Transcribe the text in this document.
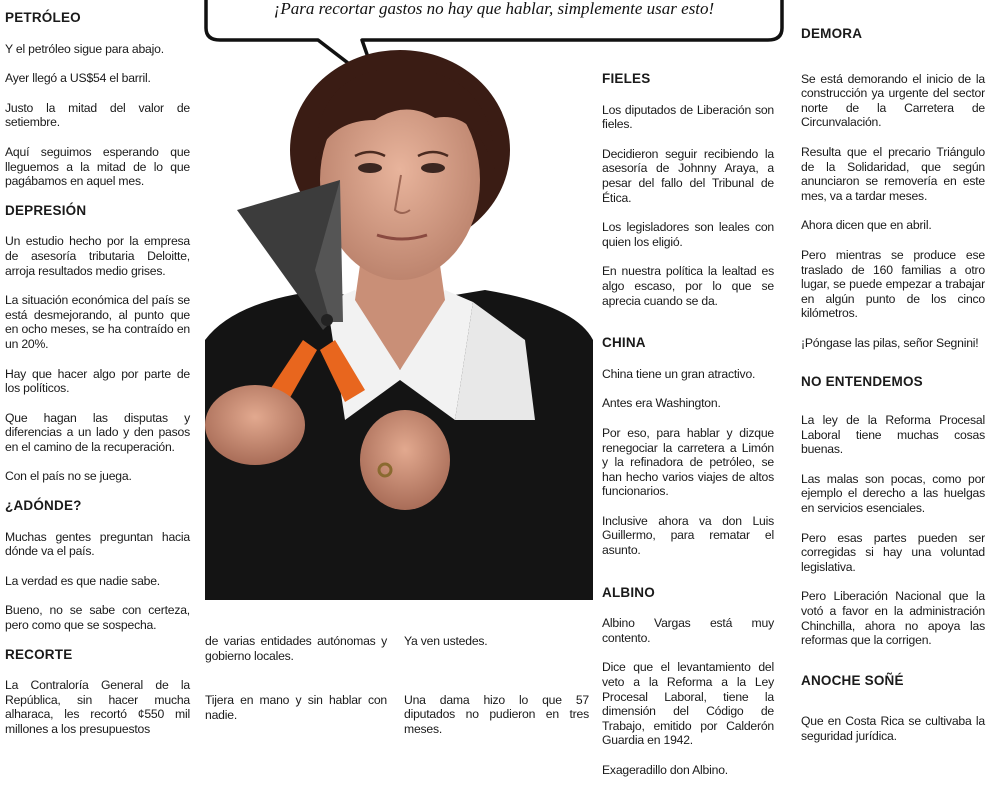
¡Para recortar gastos no hay que hablar, simplemente usar esto!
PETRÓLEO

Y el petróleo sigue para abajo.

Ayer llegó a US$54 el barril.

Justo la mitad del valor de setiembre.

Aquí seguimos esperando que lleguemos a la mitad de lo que pagábamos en aquel mes.

DEPRESIÓN

Un estudio hecho por la empresa de asesoría tributaria Deloitte, arroja resultados medio grises.

La situación económica del país se está desmejorando, al punto que en ocho meses, se ha contraído en un 20%.

Hay que hacer algo por parte de los políticos.

Que hagan las disputas y diferencias a un lado y den pasos en el camino de la recuperación.

Con el país no se juega.

¿ADÓNDE?

Muchas gentes preguntan hacia dónde va el país.

La verdad es que nadie sabe.

Bueno, no se sabe con certeza, pero como que se sospecha.

RECORTE

La Contraloría General de la República, sin hacer mucha alharaca, les recortó ¢550 mil millones a los presupuestos

de varias entidades autónomas y gobierno locales.

Tijera en mano y sin hablar con nadie.

Ya ven ustedes.

Una dama hizo lo que 57 diputados no pudieron en tres meses.

FIELES

Los diputados de Liberación son fieles.

Decidieron seguir recibiendo la asesoría de Johnny Araya, a pesar del fallo del Tribunal de Ética.

Los legisladores son leales con quien los eligió.

En nuestra política la lealtad es algo escaso, por lo que se aprecia cuando se da.

CHINA

China tiene un gran atractivo.

Antes era Washington.

Por eso, para hablar y dizque renegociar la carretera a Limón y la refinadora de petróleo, se han hecho varios viajes de altos funcionarios.

Inclusive ahora va don Luis Guillermo, para rematar el asunto.

ALBINO

Albino Vargas está muy contento.

Dice que el levantamiento del veto a la Reforma a la Ley Procesal Laboral, tiene la dimensión del Código de Trabajo, emitido por Calderón Guardia en 1942.

Exageradillo don Albino.

DEMORA

Se está demorando el inicio de la construcción ya urgente del sector norte de la Carretera de Circunvalación.

Resulta que el precario Triángulo de la Solidaridad, que según anunciaron se removería en este mes, va a tardar meses.

Ahora dicen que en abril.

Pero mientras se produce ese traslado de 160 familias a otro lugar, se puede empezar a trabajar en algún punto de los cinco kilómetros.

¡Póngase las pilas, señor Segnini!

NO ENTENDEMOS

La ley de la Reforma Procesal Laboral tiene muchas cosas buenas.

Las malas son pocas, como por ejemplo el derecho a las huelgas en servicios esenciales.

Pero esas partes pueden ser corregidas si hay una voluntad legislativa.

Pero Liberación Nacional que la votó a favor en la administración Chinchilla, ahora no apoya las reformas que la corrigen.

ANOCHE SOÑÉ

Que en Costa Rica se cultivaba la seguridad jurídica.
